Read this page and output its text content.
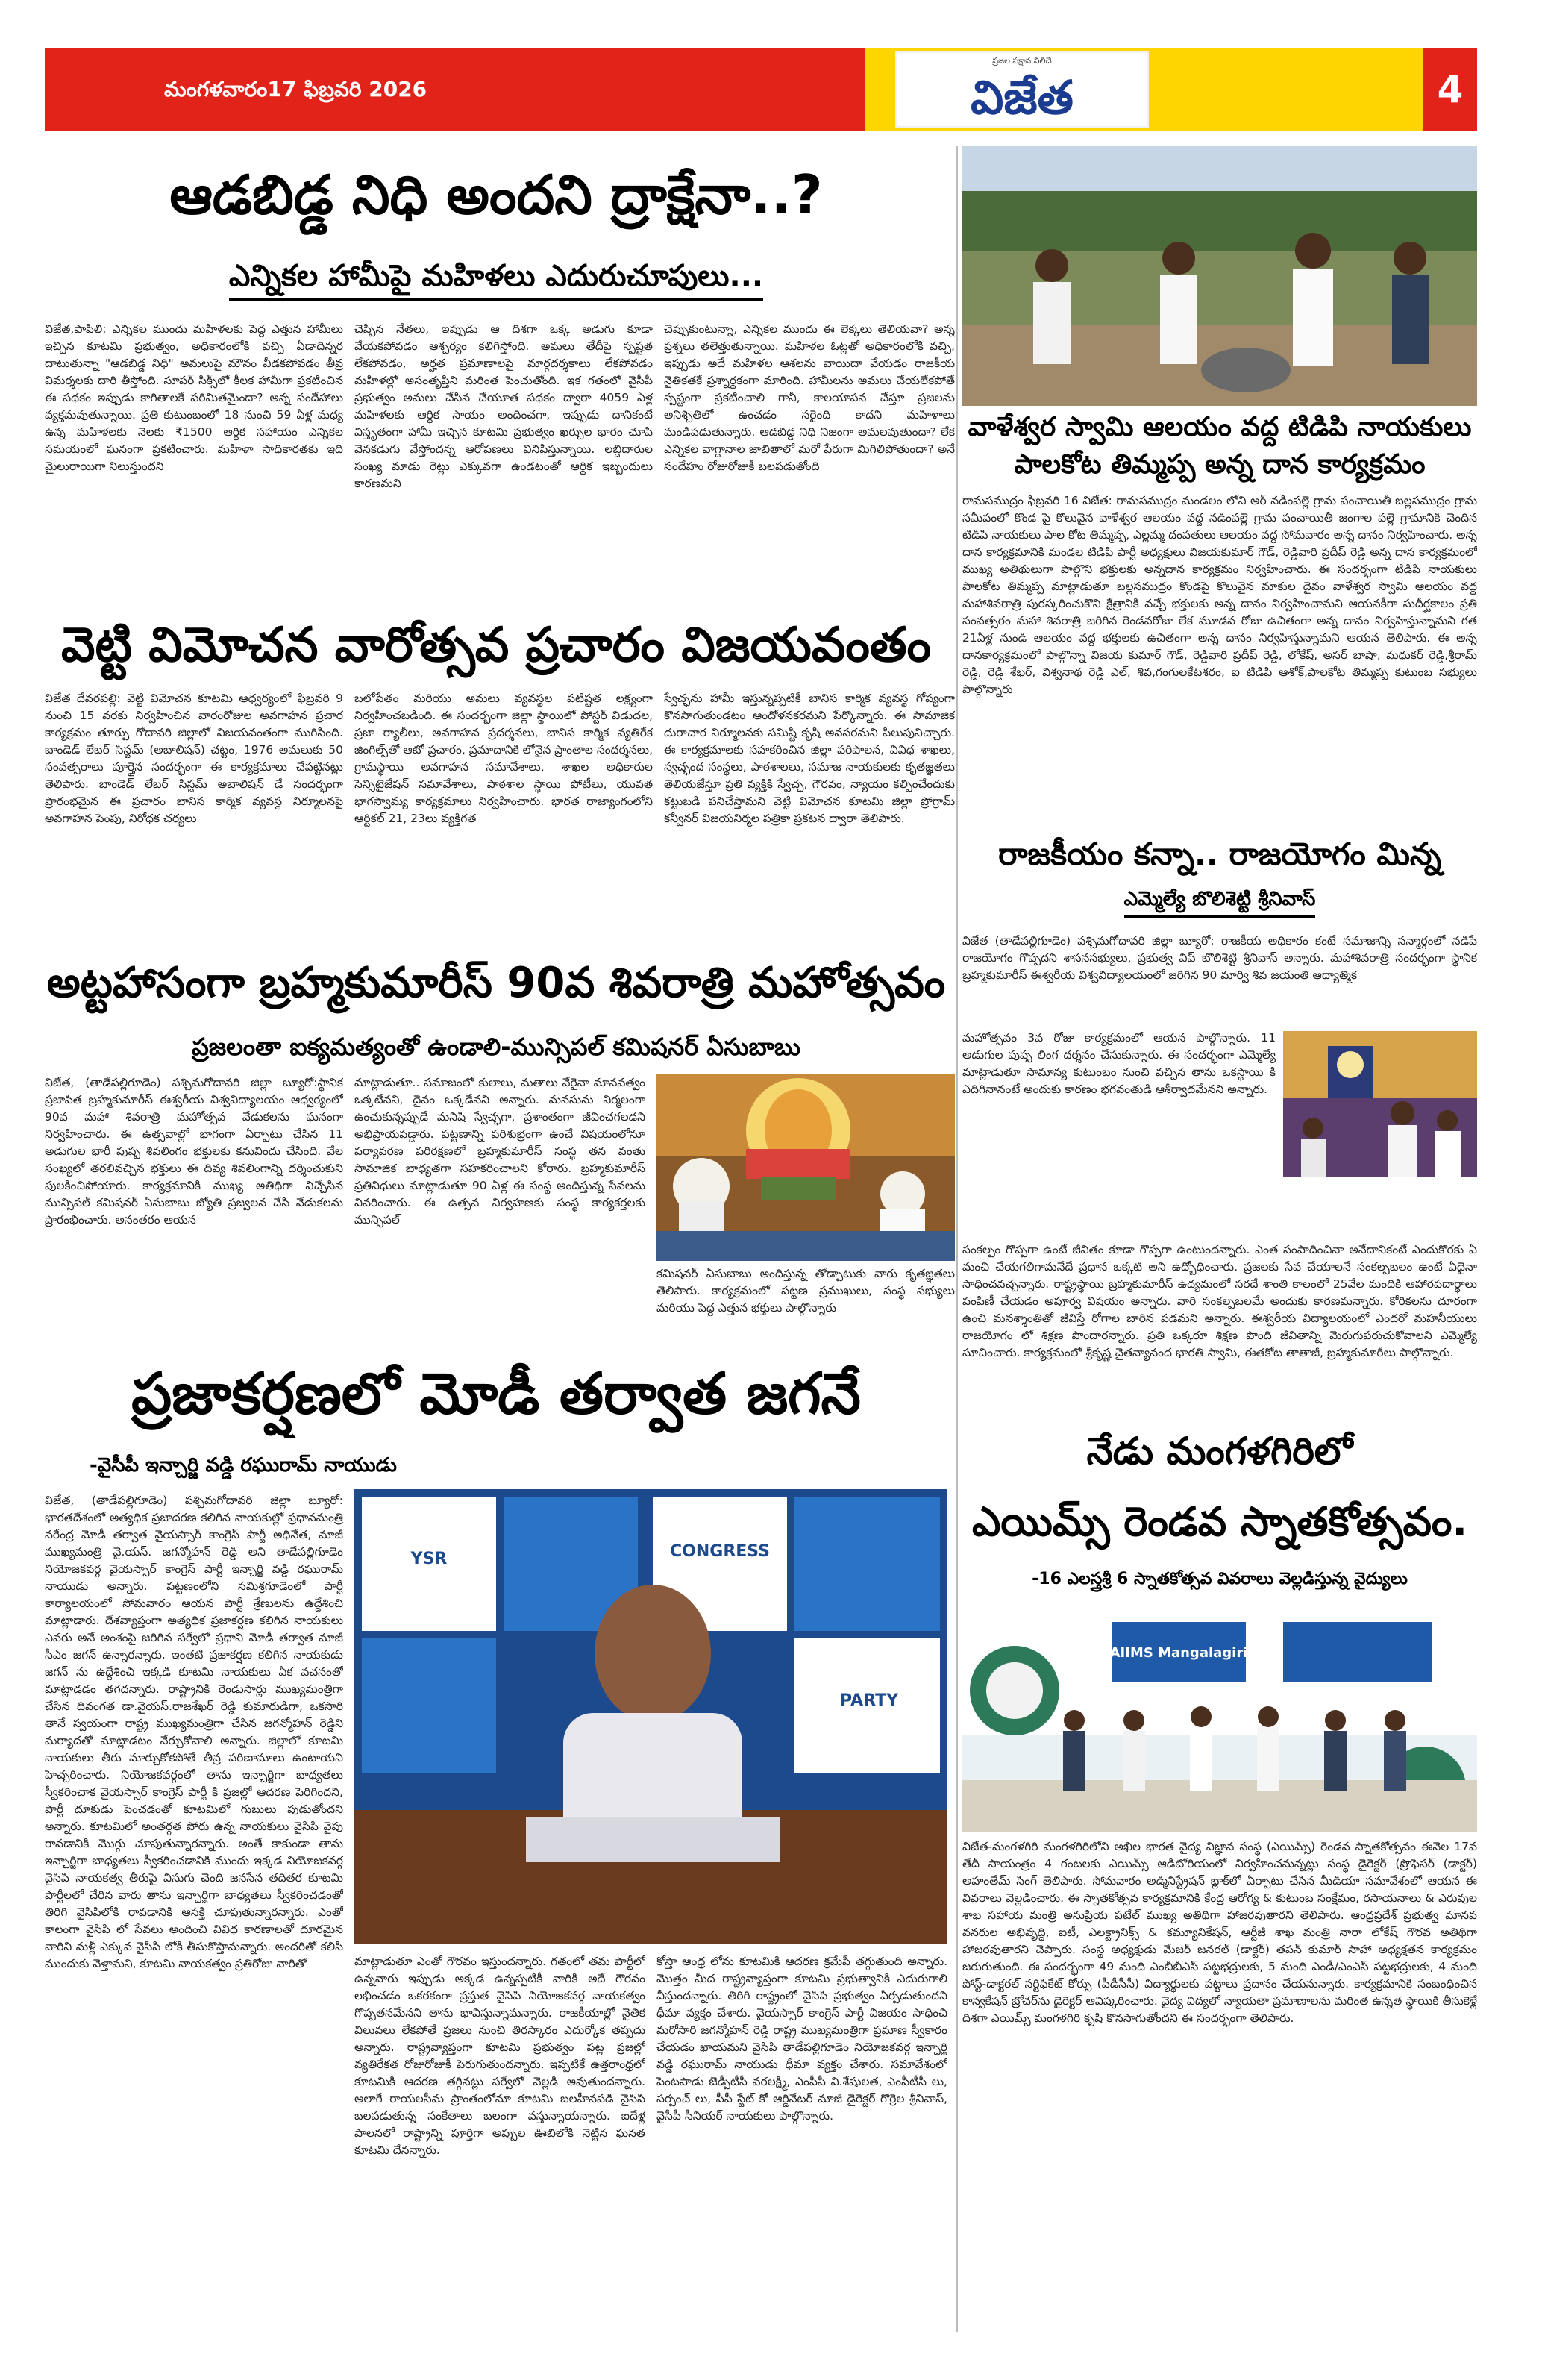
మంగళవారం17 ఫిబ్రవరి 2026
ప్రజల పక్షాన నిలిచే
విజేత	4
ఆడబిడ్డ నిధి అందని ద్రాక్షేనా..?
ఎన్నికల హామీపై మహిళలు ఎదురుచూపులు...
విజేత,పాపిలి: ఎన్నికల ముందు మహిళలకు పెద్ద ఎత్తున హామీలు ఇచ్చిన కూటమి ప్రభుత్వం, అధికారంలోకి వచ్చి ఏడాదిన్నర దాటుతున్నా "ఆడబిడ్డ నిధి" అమలుపై మౌనం వీడకపోవడం తీవ్ర విమర్శలకు దారి తీస్తోంది. సూపర్ సిక్స్‌లో కీలక హామీగా ప్రకటించిన ఈ పథకం ఇప్పుడు కాగితాలకే పరిమితమైందా? అన్న సందేహాలు వ్యక్తమవుతున్నాయి. ప్రతి కుటుంబంలో 18 నుంచి 59 ఏళ్ల మధ్య ఉన్న మహిళలకు నెలకు ₹1500 ఆర్థిక సహాయం ఎన్నికల సమయంలో ఘనంగా ప్రకటించారు. మహిళా సాధికారతకు ఇది మైలురాయిగా నిలుస్తుందని
చెప్పిన నేతలు, ఇప్పుడు ఆ దిశగా ఒక్క అడుగు కూడా వేయకపోవడం ఆశ్చర్యం కలిగిస్తోంది. అమలు తేదీపై స్పష్టత లేకపోవడం, అర్హత ప్రమాణాలపై మార్గదర్శకాలు లేకపోవడం మహిళల్లో అసంతృప్తిని మరింత పెంచుతోంది. ఇక గతంలో వైసీపీ ప్రభుత్వం అమలు చేసిన చేయూత పథకం ద్వారా 4059 ఏళ్ల మహిళలకు ఆర్థిక సాయం అందించగా, ఇప్పుడు దానికంటే విస్తృతంగా హామీ ఇచ్చిన కూటమి ప్రభుత్వం ఖర్చుల భారం చూపి వెనకడుగు వేస్తోందన్న ఆరోపణలు వినిపిస్తున్నాయి. లబ్దిదారుల సంఖ్య మాడు రెట్లు ఎక్కువగా ఉండటంతో ఆర్థిక ఇబ్బందులు కారణమని
చెప్పుకుంటున్నా, ఎన్నికల ముందు ఈ లెక్కలు తెలియవా? అన్న ప్రశ్నలు తలెత్తుతున్నాయి. మహిళల ఓట్లతో అధికారంలోకి వచ్చి, ఇప్పుడు అదే మహిళల ఆశలను వాయిదా వేయడం రాజకీయ నైతికతకే ప్రశ్నార్థకంగా మారింది. హామీలను అమలు చేయలేకపోతే స్పష్టంగా ప్రకటించాలి గానీ, కాలయాపన చేస్తూ ప్రజలను అనిశ్చితిలో ఉంచడం సరైంది కాదని మహిళాలు మండిపడుతున్నారు. ఆడబిడ్డ నిధి నిజంగా అమలవుతుందా? లేక ఎన్నికల వాగ్దానాల జాబితాలో మరో పేరుగా మిగిలిపోతుందా? అనే సందేహం రోజురోజుకీ బలపడుతోంది
వెట్టి విమోచన వారోత్సవ ప్రచారం విజయవంతం
విజేత దేవరపల్లి: వెట్టి విమోచన కూటమి ఆధ్వర్యంలో ఫిబ్రవరి 9 నుంచి 15 వరకు నిర్వహించిన వారంరోజుల అవగాహన ప్రచార కార్యక్రమం తూర్పు గోదావరి జిల్లాలో విజయవంతంగా ముగిసింది. బాండెడ్ లేబర్ సిస్టమ్ (అబాలిషన్) చట్టం, 1976 అమలుకు 50 సంవత్సరాలు పూర్తైన సందర్భంగా ఈ కార్యక్రమాలు చేపట్టినట్లు తెలిపారు. బాండెడ్ లేబర్ సిస్టమ్ అబాలిషన్ డే సందర్భంగా ప్రారంభమైన ఈ ప్రచారం బానిస కార్మిక వ్యవస్థ నిర్మూలనపై అవగాహన పెంపు, నిరోధక చర్యలు
బలోపేతం మరియు అమలు వ్యవస్థల పటిష్టత లక్ష్యంగా నిర్వహించబడింది. ఈ సందర్భంగా జిల్లా స్థాయిలో పోస్టర్ విడుదల, ప్రజా ర్యాలీలు, అవగాహన ప్రదర్శనలు, బానిస కార్మిక వ్యతిరేక జింగిల్స్‌తో ఆటో ప్రచారం, ప్రమాదానికి లోనైన ప్రాంతాల సందర్శనలు, గ్రామస్థాయి అవగాహన సమావేశాలు, శాఖల అధికారుల సెన్సిటైజేషన్ సమావేశాలు, పాఠశాల స్థాయి పోటీలు, యువత భాగస్వామ్య కార్యక్రమాలు నిర్వహించారు. భారత రాజ్యాంగంలోని ఆర్టికల్ 21, 23లు వ్యక్తిగత
స్వేచ్ఛను హామీ ఇస్తున్నప్పటికీ బానిస కార్మిక వ్యవస్థ గోప్యంగా కొనసాగుతుండటం ఆందోళనకరమని పేర్కొన్నారు. ఈ సామాజిక దురాచార నిర్మూలనకు సమిష్టి కృషి అవసరమని పిలుపునిచ్చారు. ఈ కార్యక్రమాలకు సహకరించిన జిల్లా పరిపాలన, వివిధ శాఖలు, స్వచ్ఛంద సంస్థలు, పాఠశాలలు, సమాజ నాయకులకు కృతజ్ఞతలు తెలియజేస్తూ ప్రతి వ్యక్తికి స్వేచ్ఛ, గౌరవం, న్యాయం కల్పించేందుకు కట్టుబడి పనిచేస్తామని వెట్టి విమోచన కూటమి జిల్లా ప్రోగ్రామ్ కన్వీనర్ విజయనిర్మల పత్రికా ప్రకటన ద్వారా తెలిపారు.
అట్టహాసంగా బ్రహ్మకుమారీస్ 90వ శివరాత్రి మహోత్సవం
ప్రజలంతా ఐక్యమత్యంతో ఉండాలి-మున్సిపల్ కమిషనర్ ఏసుబాబు
విజేత, (తాడేపల్లిగూడెం) పశ్చిమగోదావరి జిల్లా బ్యూరో:స్థానిక ప్రజాపిత బ్రహ్మకుమారీస్ ఈశ్వరీయ విశ్వవిద్యాలయం ఆధ్వర్యంలో 90వ మహా శివరాత్రి మహోత్సవ వేడుకలను ఘనంగా నిర్వహించారు. ఈ ఉత్సవాల్లో భాగంగా ఏర్పాటు చేసిన 11 అడుగుల భారీ పుష్ప శివలింగం భక్తులకు కనువిందు చేసింది. వేల సంఖ్యలో తరలివచ్చిన భక్తులు ఈ దివ్య శివలింగాన్ని దర్శించుకుని పులకించిపోయారు. కార్యక్రమానికి ముఖ్య అతిథిగా విచ్చేసిన మున్సిపల్ కమిషనర్ ఏసుబాబు జ్యోతి ప్రజ్వలన చేసి వేడుకలను ప్రారంభించారు. అనంతరం ఆయన
మాట్లాడుతూ.. సమాజంలో కులాలు, మతాలు వేరైనా మానవత్వం ఒక్కటేనని, దైవం ఒక్కడేనని అన్నారు. మనసును నిర్మలంగా ఉంచుకున్నప్పుడే మనిషి స్వేచ్ఛగా, ప్రశాంతంగా జీవించగలడని అభిప్రాయపడ్డారు. పట్టణాన్ని పరిశుభ్రంగా ఉంచే విషయంలోనూ పర్యావరణ పరిరక్షణలో బ్రహ్మకుమారీస్ సంస్థ తన వంతు సామాజిక బాధ్యతగా సహకరించాలని కోరారు. బ్రహ్మకుమారీస్ ప్రతినిధులు మాట్లాడుతూ 90 ఏళ్ల ఈ సంస్థ అందిస్తున్న సేవలను వివరించారు. ఈ ఉత్సవ నిర్వహణకు సంస్థ కార్యకర్తలకు మున్సిపల్
కమిషనర్ ఏసుబాబు అందిస్తున్న తోడ్పాటుకు వారు కృతజ్ఞతలు తెలిపారు. కార్యక్రమంలో పట్టణ ప్రముఖులు, సంస్థ సభ్యులు మరియు పెద్ద ఎత్తున భక్తులు పాల్గొన్నారు
ప్రజాకర్షణలో మోడీ తర్వాత జగనే
-వైసీపీ ఇన్చార్జి వడ్డి రఘురామ్ నాయుడు
విజేత, (తాడేపల్లిగూడెం) పశ్చిమగోదావరి జిల్లా బ్యూరో: భారతదేశంలో అత్యధిక ప్రజాదరణ కలిగిన నాయకుల్లో ప్రధానమంత్రి నరేంద్ర మోడీ తర్వాత వైయస్సార్ కాంగ్రెస్ పార్టీ అధినేత, మాజీ ముఖ్యమంత్రి వై.యస్. జగన్మోహన్ రెడ్డి అని తాడేపల్లిగూడెం నియోజకవర్గ వైయస్సార్ కాంగ్రెస్ పార్టీ ఇన్చార్జి వడ్డి రఘురామ్ నాయుడు అన్నారు. పట్టణంలోని సమిశ్రగూడెంలో పార్టీ కార్యాలయంలో సోమవారం ఆయన పార్టీ శ్రేణులను ఉద్దేశించి మాట్లాడారు. దేశవ్యాప్తంగా అత్యధిక ప్రజాకర్షణ కలిగిన నాయకులు ఎవరు అనే అంశంపై జరిగిన సర్వేలో ప్రధాని మోడీ తర్వాత మాజీ సీఎం జగన్ ఉన్నారన్నారు. ఇంతటి ప్రజాకర్షణ కలిగిన నాయకుడు జగన్ ను ఉద్దేశించి ఇక్కడి కూటమి నాయకులు ఏక వచనంతో మాట్లాడడం తగదన్నారు. రాష్ట్రానికి రెండుసార్లు ముఖ్యమంత్రిగా చేసిన దివంగత డా.వైయస్.రాజశేఖర్ రెడ్డి కుమారుడిగా, ఒకసారి తానే స్వయంగా రాష్ట్ర ముఖ్యమంత్రిగా చేసిన జగన్మోహన్ రెడ్డిని మర్యాదతో మాట్లాడటం నేర్చుకోవాలి అన్నారు. జిల్లాలో కూటమి నాయకులు తీరు మార్చుకోకపోతే తీవ్ర పరిణామాలు ఉంటాయని హెచ్చరించారు. నియోజకవర్గంలో తాను ఇన్చార్జిగా బాధ్యతలు స్వీకరించాక వైయస్సార్ కాంగ్రెస్ పార్టీ కి ప్రజల్లో ఆదరణ పెరిగిందని, పార్టీ దూకుడు పెంచడంతో కూటమిలో గుబులు పుడుతోందని అన్నారు. కూటమిలో అంతర్గత పోరు ఉన్న నాయకులు వైసిపి వైపు రావడానికి మొగ్గు చూపుతున్నారన్నారు. అంతే కాకుండా తాను ఇన్చార్జిగా బాధ్యతలు స్వీకరించడానికి ముందు ఇక్కడ నియోజకవర్గ వైసిపి నాయకత్వ తీరుపై విసుగు చెంది జనసేన తదితర కూటమి పార్టీలలో చేరిన వారు తాను ఇన్చార్జిగా బాధ్యతలు స్వీకరించడంతో తిరిగి వైసిపిలోకి రావడానికి ఆసక్తి చూపుతున్నారన్నారు. ఎంతో కాలంగా వైసిపి లో సేవలు అందించి వివిధ కారణాలతో దూరమైన వారిని మళ్లీ ఎక్కువ వైసిపి లోకి తీసుకొస్తామన్నారు. అందరితో కలిసి ముందుకు వెళ్తామని, కూటమి నాయకత్వం ప్రతిరోజు వారితో
YSR	CONGRESS
PARTY
మాట్లాడుతూ ఎంతో గౌరవం ఇస్తుందన్నారు. గతంలో తమ పార్టీలో ఉన్నవారు ఇప్పుడు అక్కడ ఉన్నప్పటికీ వారికి అదే గౌరవం లభించడం ఒకరకంగా ప్రస్తుత వైసిపి నియోజకవర్గ నాయకత్వం గొప్పతనమేనని తాను భావిస్తున్నామన్నారు. రాజకీయాల్లో నైతిక విలువలు లేకపోతే ప్రజలు నుంచి తిరస్కారం ఎదుర్కోక తప్పదు అన్నారు. రాష్ట్రవ్యాప్తంగా కూటమి ప్రభుత్వం పట్ల ప్రజల్లో వ్యతిరేకత రోజురోజుకీ పెరుగుతుందన్నారు. ఇప్పటికే ఉత్తరాంధ్రలో కూటమికి ఆదరణ తగ్గినట్లు సర్వేలో వెల్లడి అవుతుందన్నారు. అలాగే రాయలసీమ ప్రాంతంలోనూ కూటమి బలహీనపడి వైసిపి బలపడుతున్న సంకేతాలు బలంగా వస్తున్నాయన్నారు. ఐదేళ్ల పాలనలో రాష్ట్రాన్ని పూర్తిగా అప్పుల ఊబిలోకి నెట్టిన ఘనత కూటమి దేనన్నారు.
కోస్తా ఆంధ్ర లోను కూటమికి ఆదరణ క్రమేపీ తగ్గుతుంది అన్నారు. మొత్తం మీద రాష్ట్రవ్యాప్తంగా కూటమి ప్రభుత్వానికి ఎదురుగాలి వీస్తుందన్నారు. తిరిగి రాష్ట్రంలో వైసిపి ప్రభుత్వం ఏర్పడుతుందని ధీమా వ్యక్తం చేశారు. వైయస్సార్ కాంగ్రెస్ పార్టీ విజయం సాధించి మరోసారి జగన్మోహన్ రెడ్డి రాష్ట్ర ముఖ్యమంత్రిగా ప్రమాణ స్వీకారం చేయడం ఖాయమని వైసిపి తాడేపల్లిగూడెం నియోజకవర్గ ఇన్చార్జి వడ్డి రఘురామ్ నాయుడు ధీమా వ్యక్తం చేశారు. సమావేశంలో పెంటపాడు జెడ్పీటీసీ వరలక్ష్మి, ఎంపీపీ వి.శేషులత, ఎంపీటీసీ లు, సర్పంచ్ లు, పీపీ స్టేట్ కో ఆర్డినేటర్ మాజీ డైరెక్టర్ గొర్రెల శ్రీనివాస్, వైసీపీ సీనియర్ నాయకులు పాల్గొన్నారు.
వాళేశ్వర స్వామి ఆలయం వద్ద టిడిపి నాయకులు పాలకోట తిమ్మప్ప అన్న దాన కార్యక్రమం
రామసముద్రం ఫిబ్రవరి 16 విజేత: రామసముద్రం మండలం లోని అర్ నడింపల్లె గ్రామ పంచాయితీ బల్లసముద్రం గ్రామ సమీపంలో కొండ పై కొలువైన వాళేశ్వర ఆలయం వద్ద నడింపల్లె గ్రామ పంచాయితీ జంగాల పల్లె గ్రామానికి చెందిన టిడిపి నాయకులు పాల కోట తిమ్మప్ప, ఎల్లమ్మ దంపతులు ఆలయం వద్ద సోమవారం అన్న దానం నిర్వహించారు. అన్న దాన కార్యక్రమానికి మండల టిడిపి పార్టీ అధ్యక్షులు విజయకుమార్ గౌడ్, రెడ్డివారి ప్రదీప్ రెడ్డి అన్న దాన కార్యక్రమంలో ముఖ్య అతిథులుగా పాల్గొని భక్తులకు అన్నదాన కార్యక్రమం నిర్వహించారు. ఈ సందర్భంగా టిడిపి నాయకులు పాలకోట తిమ్మప్ప మాట్లాడుతూ బల్లసముద్రం కొండపై కొలువైన మాకుల దైవం వాళేశ్వర స్వామి ఆలయం వద్ద మహాశివరాత్రి పురస్కరించుకొని క్షేత్రానికి వచ్చే భక్తులకు అన్న దానం నిర్వహించామని ఆయనకీగా సుదీర్ఘకాలం ప్రతి సంవత్సరం మహా శివరాత్రి జరిగిన రెండవరోజు లేక మూడవ రోజు ఉచితంగా అన్న దానం నిర్వహిస్తున్నామని గత 21ఏళ్ల నుండి ఆలయం వద్ద భక్తులకు ఉచితంగా అన్న దానం నిర్వహిస్తున్నామని ఆయన తెలిపారు. ఈ అన్న దానకార్యక్రమంలో పాల్గొన్నా విజయ కుమార్ గౌడ్, రెడ్డివారి ప్రదీప్ రెడ్డి, లోకేష్, అసర్ బాషా, మధుకర్ రెడ్డి,శ్రీరామ్ రెడ్డి, రెడ్డి శేఖర్, విశ్వనాథ రెడ్డి ఎల్, శివ,గంగులకేటశరం, ఐ టిడిపి ఆశోక్,పాలకోట తిమ్మప్ప కుటుంబ సభ్యులు పాల్గొన్నారు
రాజకీయం కన్నా.. రాజయోగం మిన్న
ఎమ్మెల్యే బొలిశెట్టి శ్రీనివాస్
విజేత (తాడేపల్లిగూడెం) పశ్చిమగోదావరి జిల్లా బ్యూరో: రాజకీయ అధికారం కంటే సమాజాన్ని సన్మార్గంలో నడిపే రాజయోగం గొప్పదని శాసనసభ్యులు, ప్రభుత్వ విప్ బొలిశెట్టి శ్రీనివాస్ అన్నారు. మహాశివరాత్రి సందర్భంగా స్థానిక బ్రహ్మకుమారీస్ ఈశ్వరీయ విశ్వవిద్యాలయంలో జరిగిన 90 మార్వి శివ జయంతి ఆధ్యాత్మిక
మహోత్సవం 3వ రోజు కార్యక్రమంలో ఆయన పాల్గొన్నారు. 11 అడుగుల పుష్ప లింగ దర్శనం చేసుకున్నారు. ఈ సందర్భంగా ఎమ్మెల్యే మాట్లాడుతూ సామాన్య కుటుంబం నుంచి వచ్చిన తాను ఒకస్థాయి కి ఎదిగినానంటే అందుకు కారణం భగవంతుడి ఆశీర్వాదమేనని అన్నారు.
సంకల్పం గొప్పగా ఉంటే జీవితం కూడా గొప్పగా ఉంటుందన్నారు. ఎంత సంపాదించినా అనేదానికంటే ఎందుకొరకు ఏ మంచి చేయగలిగామనేదే ప్రధాన ఒక్కటి అని ఉద్బోధించారు. ప్రజలకు సేవ చేయాలనే సంకల్పబలం ఉంటే ఏదైనా సాధించవచ్చన్నారు. రాష్ట్రస్థాయి బ్రహ్మకుమారీస్ ఉద్యమంలో సరదే శాంతి కాలంలో 25వేల మందికి ఆహారపదార్థాలు పంపిణీ చేయడం అపూర్వ విషయం అన్నారు. వారి సంకల్పబలమే అందుకు కారణమన్నారు. కోరికలను దూరంగా ఉంచి మనశ్శాంతితో జీవిస్తే రోగాల బారిన పడమని అన్నారు. ఈశ్వరీయ విద్యాలయంలో ఎందరో మహనీయులు రాజయోగం లో శిక్షణ పొందారన్నారు. ప్రతి ఒక్కరూ శిక్షణ పొంది జీవితాన్ని మెరుగుపరుచుకోవాలని ఎమ్మెల్యే సూచించారు. కార్యక్రమంలో శ్రీకృష్ణ చైతన్యానంద భారతి స్వామి, ఈతకోట తాతాజీ, బ్రహ్మకుమారీలు పాల్గొన్నారు.
నేడు మంగళగిరిలో
ఎయిమ్స్ రెండవ స్నాతకోత్సవం.
-16 ఎలస్త్రశ్రీ 6 స్నాతకోత్సవ వివరాలు వెల్లడిస్తున్న వైద్యులు
AIIMS Mangalagiri
విజేత-మంగళగిరి మంగళగిరిలోని అఖిల భారత వైద్య విజ్ఞాన సంస్థ (ఎయిమ్స్) రెండవ స్నాతకోత్సవం ఈనెల 17వ తేదీ సాయంత్రం 4 గంటలకు ఎయిమ్స్ ఆడిటోరియంలో నిర్వహించనున్నట్లు సంస్థ డైరెక్టర్ (ప్రొఫెసర్ (డాక్టర్) అహంతేమ్ సింగ్ తెలిపారు. సోమవారం అడ్మినిస్ట్రేషన్ బ్లాక్‌లో ఏర్పాటు చేసిన మీడియా సమావేశంలో ఆయన ఈ వివరాలు వెల్లడించారు. ఈ స్నాతకోత్సవ కార్యక్రమానికి కేంద్ర ఆరోగ్య & కుటుంబ సంక్షేమం, రసాయనాలు & ఎరువుల శాఖ సహాయ మంత్రి అనుప్రియ పటేల్ ముఖ్య అతిథిగా హాజరవుతారని తెలిపారు. ఆంధ్రప్రదేశ్ ప్రభుత్వ మానవ వనరుల అభివృద్ధి, ఐటీ, ఎలక్ట్రానిక్స్ & కమ్యూనికేషన్, ఆర్టీజీ శాఖ మంత్రి నారా లోకేష్ గౌరవ అతిథిగా హాజరవుతారని చెప్పారు. సంస్థ అధ్యక్షుడు మేజర్ జనరల్ (డాక్టర్) తపన్ కుమార్ సాహా అధ్యక్షతన కార్యక్రమం జరుగుతుంది. ఈ సందర్భంగా 49 మంది ఎంబీబీఎస్ పట్టభద్రులకు, 5 మంది ఎండీ/ఎంఎస్ పట్టభద్రులకు, 4 మంది పోస్ట్-డాక్టరల్ సర్టిఫికేట్ కోర్సు (పీడీసీసీ) విద్యార్థులకు పట్టాలు ప్రదానం చేయనున్నారు. కార్యక్రమానికి సంబంధించిన కాన్వకేషన్ బ్రోచర్‌ను డైరెక్టర్ ఆవిష్కరించారు. వైద్య విద్యలో న్యాయతా ప్రమాణాలను మరింత ఉన్నత స్థాయికి తీసుకెళ్లే దిశగా ఎయిమ్స్ మంగళగిరి కృషి కొనసాగుతోందని ఈ సందర్భంగా తెలిపారు.
